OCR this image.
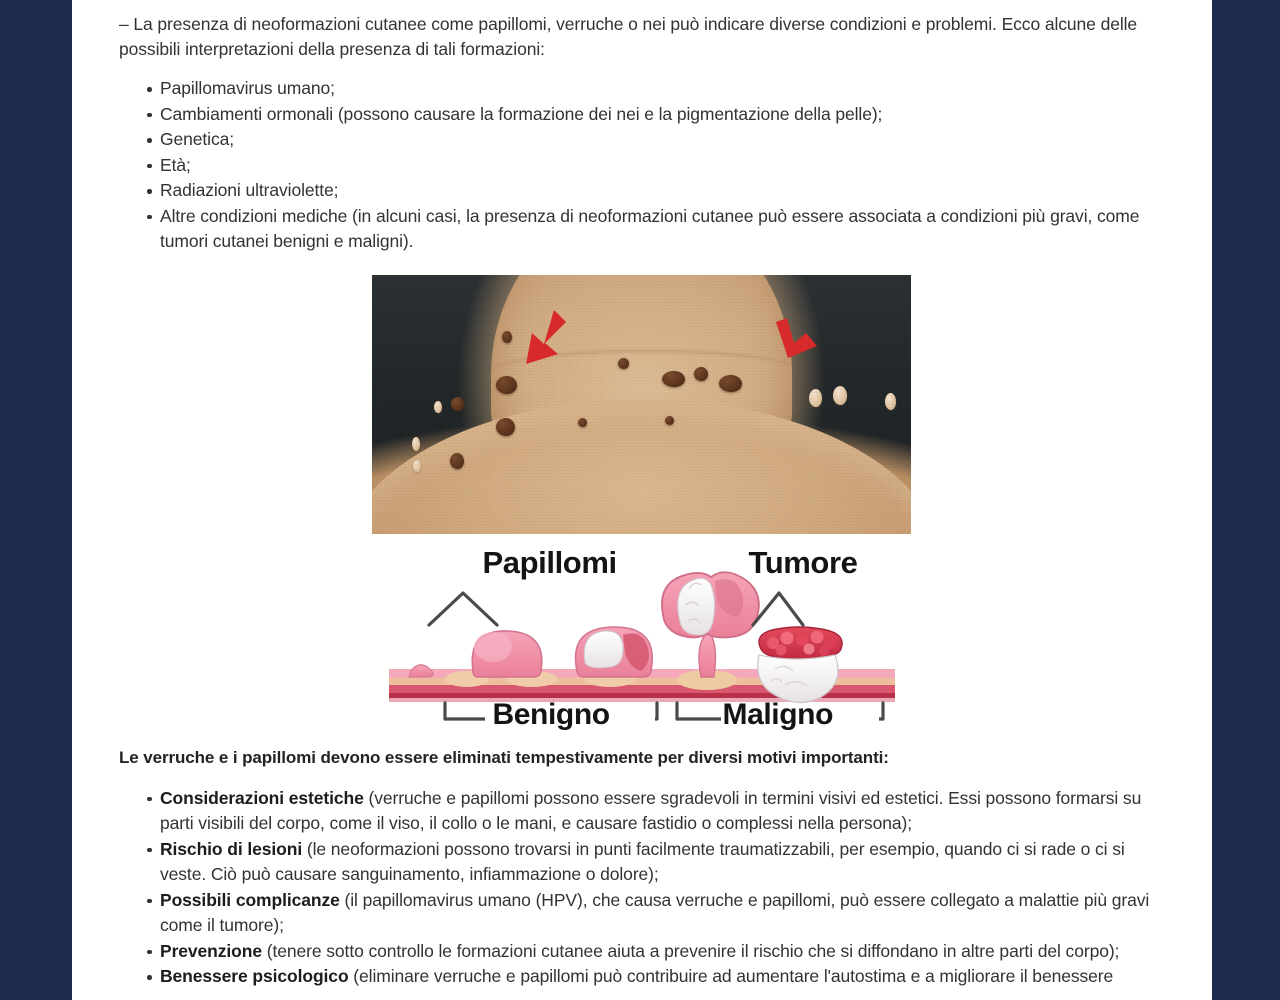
– La presenza di neoformazioni cutanee come papillomi, verruche o nei può indicare diverse condizioni e problemi. Ecco alcune delle possibili interpretazioni della presenza di tali formazioni:

Papillomavirus umano;
Cambiamenti ormonali (possono causare la formazione dei nei e la pigmentazione della pelle);
Genetica;
Età;
Radiazioni ultraviolette;
Altre condizioni mediche (in alcuni casi, la presenza di neoformazioni cutanee può essere associata a condizioni più gravi, come tumori cutanei benigni e maligni).
Papillomi	Tumore
Benigno	Maligno

Le verruche e i papillomi devono essere eliminati tempestivamente per diversi motivi importanti:

Considerazioni estetiche (verruche e papillomi possono essere sgradevoli in termini visivi ed estetici. Essi possono formarsi su parti visibili del corpo, come il viso, il collo o le mani, e causare fastidio o complessi nella persona);
Rischio di lesioni (le neoformazioni possono trovarsi in punti facilmente traumatizzabili, per esempio, quando ci si rade o ci si veste. Ciò può causare sanguinamento, infiammazione o dolore);
Possibili complicanze (il papillomavirus umano (HPV), che causa verruche e papillomi, può essere collegato a malattie più gravi come il tumore);
Prevenzione (tenere sotto controllo le formazioni cutanee aiuta a prevenire il rischio che si diffondano in altre parti del corpo);
Benessere psicologico (eliminare verruche e papillomi può contribuire ad aumentare l'autostima e a migliorare il benessere
